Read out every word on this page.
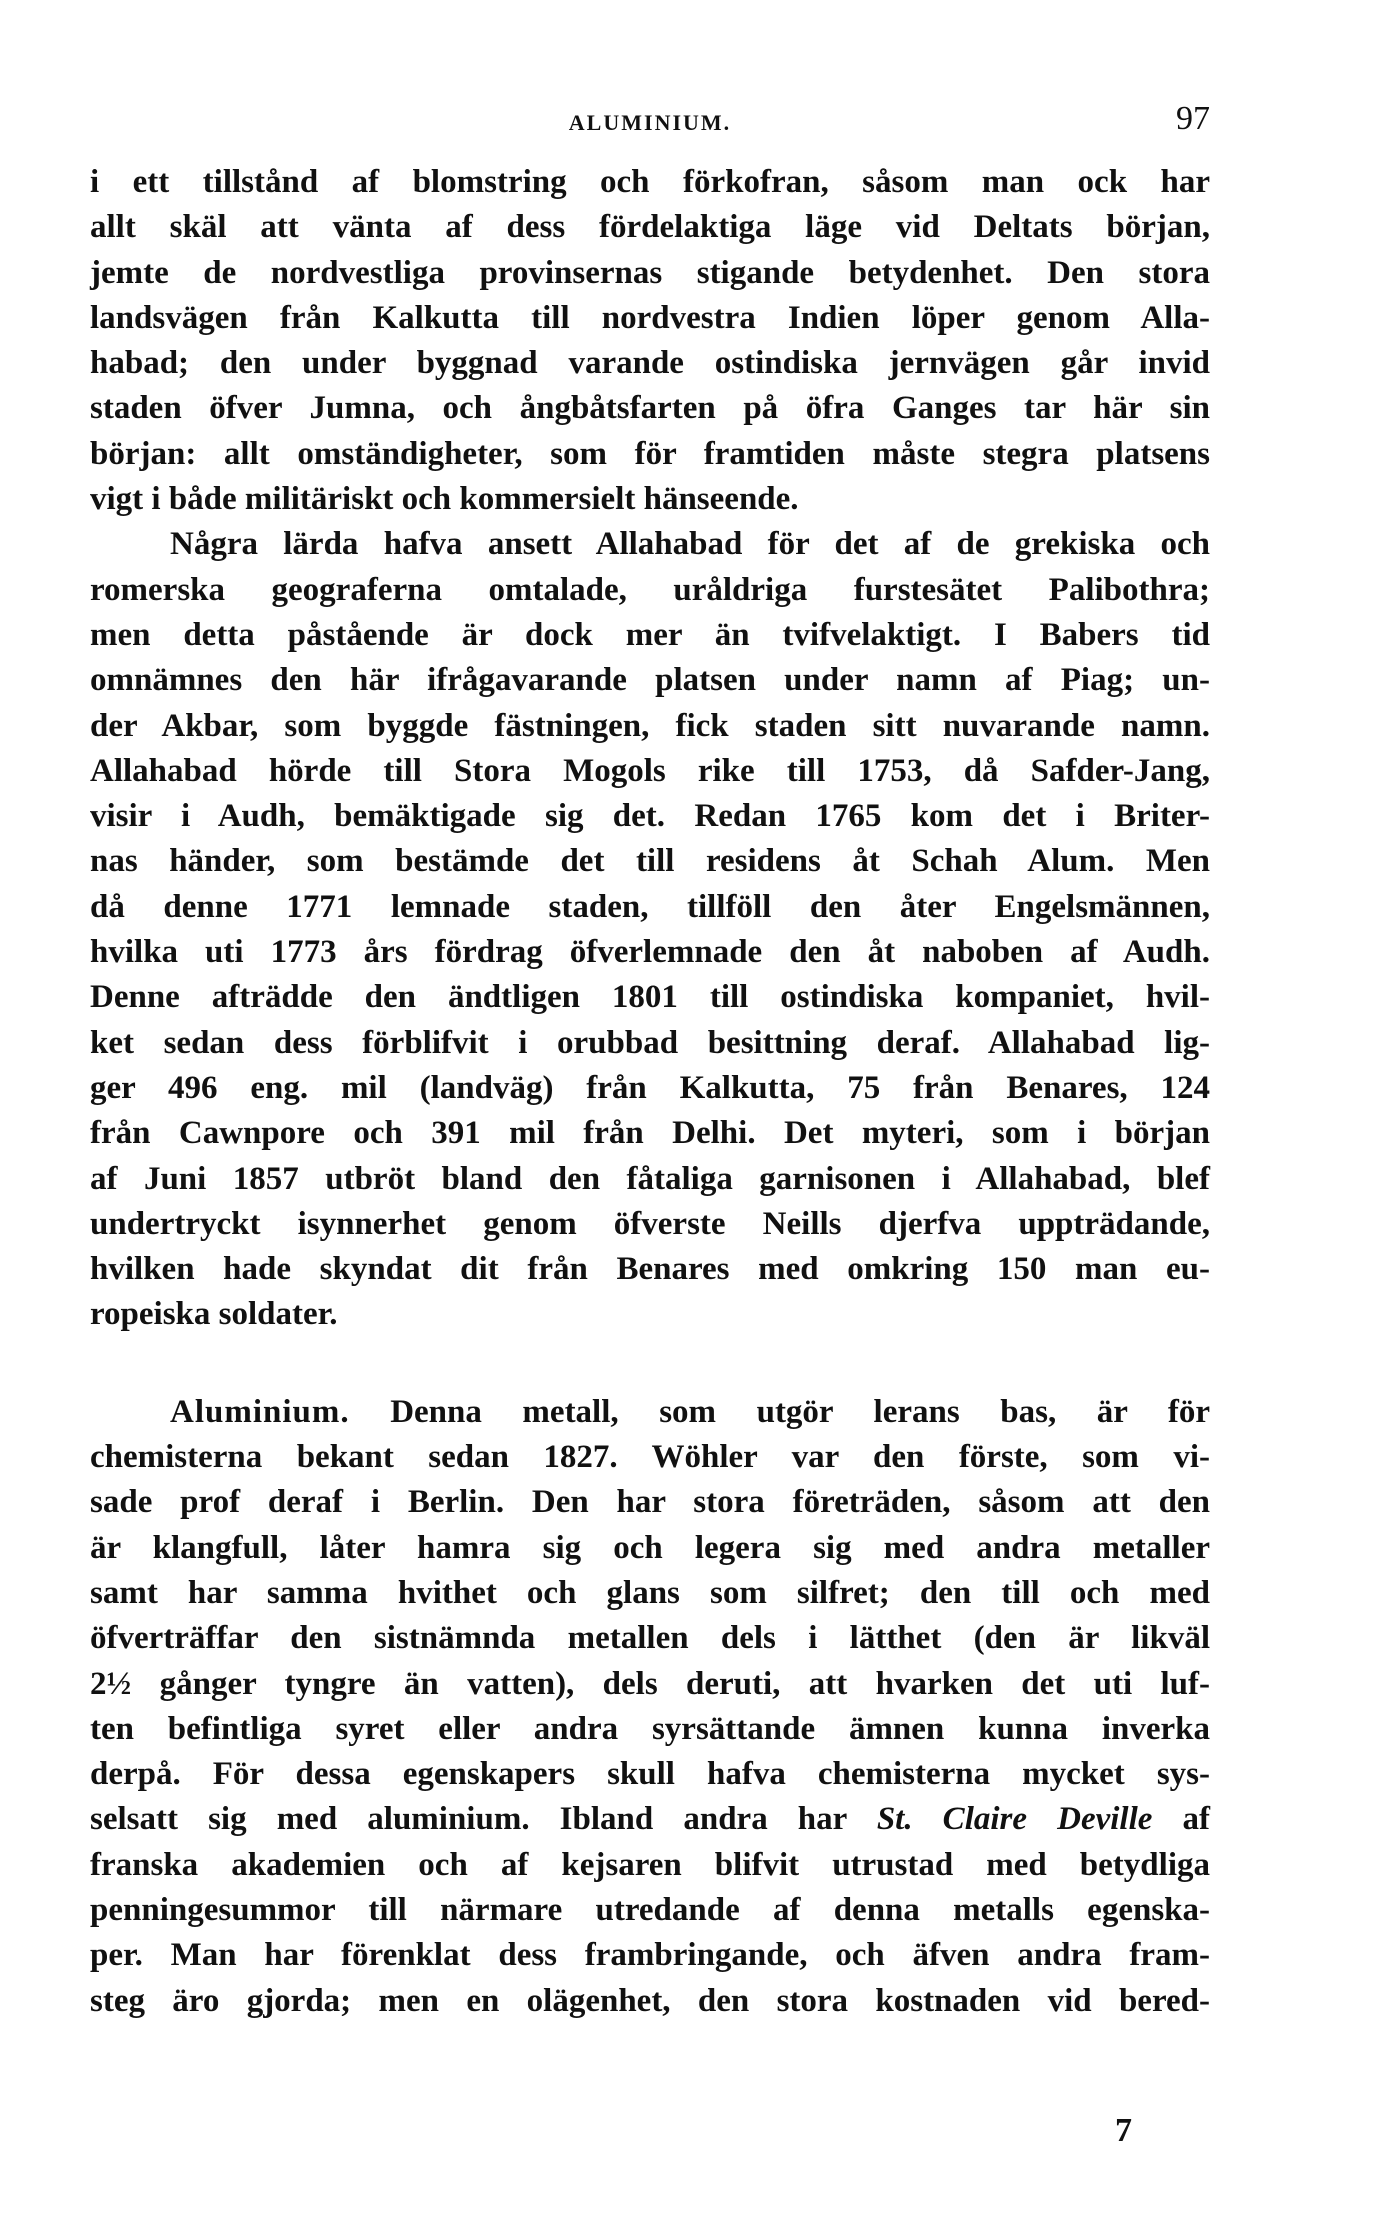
ALUMINIUM.	97
i ett tillstånd af blomstring och förkofran, såsom man ock har
allt skäl att vänta af dess fördelaktiga läge vid Deltats början,
jemte de nordvestliga provinsernas stigande betydenhet. Den stora
landsvägen från Kalkutta till nordvestra Indien löper genom Alla-
habad; den under byggnad varande ostindiska jernvägen går invid
staden öfver Jumna, och ångbåtsfarten på öfra Ganges tar här sin
början: allt omständigheter, som för framtiden måste stegra platsens
vigt i både militäriskt och kommersielt hänseende.
Några lärda hafva ansett Allahabad för det af de grekiska och
romerska geograferna omtalade, uråldriga furstesätet Palibothra;
men detta påstående är dock mer än tvifvelaktigt. I Babers tid
omnämnes den här ifrågavarande platsen under namn af Piag; un-
der Akbar, som byggde fästningen, fick staden sitt nuvarande namn.
Allahabad hörde till Stora Mogols rike till 1753, då Safder-Jang,
visir i Audh, bemäktigade sig det. Redan 1765 kom det i Briter-
nas händer, som bestämde det till residens åt Schah Alum. Men
då denne 1771 lemnade staden, tillföll den åter Engelsmännen,
hvilka uti 1773 års fördrag öfverlemnade den åt naboben af Audh.
Denne afträdde den ändtligen 1801 till ostindiska kompaniet, hvil-
ket sedan dess förblifvit i orubbad besittning deraf. Allahabad lig-
ger 496 eng. mil (landväg) från Kalkutta, 75 från Benares, 124
från Cawnpore och 391 mil från Delhi. Det myteri, som i början
af Juni 1857 utbröt bland den fåtaliga garnisonen i Allahabad, blef
undertryckt isynnerhet genom öfverste Neills djerfva uppträdande,
hvilken hade skyndat dit från Benares med omkring 150 man eu-
ropeiska soldater.
Aluminium. Denna metall, som utgör lerans bas, är för
chemisterna bekant sedan 1827. Wöhler var den förste, som vi-
sade prof deraf i Berlin. Den har stora företräden, såsom att den
är klangfull, låter hamra sig och legera sig med andra metaller
samt har samma hvithet och glans som silfret; den till och med
öfverträffar den sistnämnda metallen dels i lätthet (den är likväl
2½ gånger tyngre än vatten), dels deruti, att hvarken det uti luf-
ten befintliga syret eller andra syrsättande ämnen kunna inverka
derpå. För dessa egenskapers skull hafva chemisterna mycket sys-
selsatt sig med aluminium. Ibland andra har St. Claire Deville af
franska akademien och af kejsaren blifvit utrustad med betydliga
penningesummor till närmare utredande af denna metalls egenska-
per. Man har förenklat dess frambringande, och äfven andra fram-
steg äro gjorda; men en olägenhet, den stora kostnaden vid bered-
7
